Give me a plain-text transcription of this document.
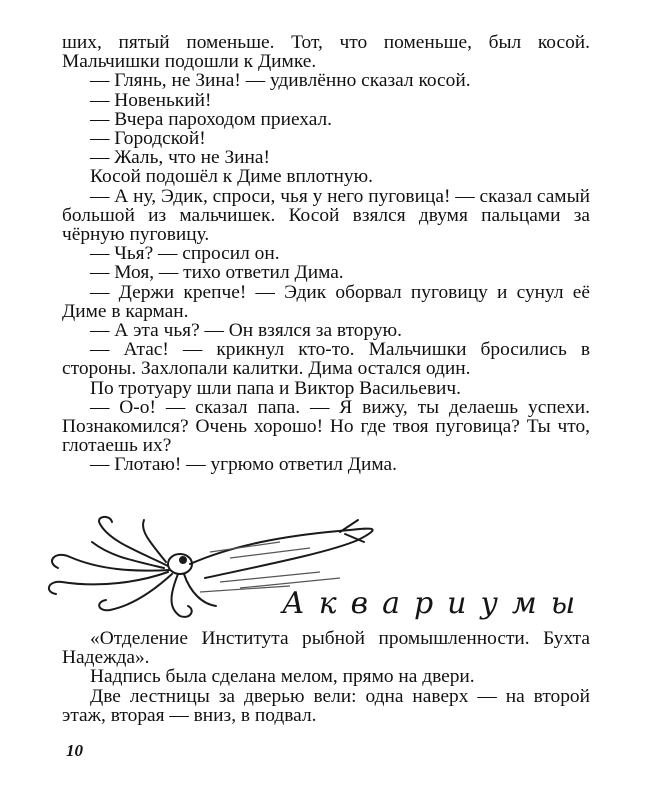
ших, пятый поменьше. Тот, что поменьше, был косой. Мальчишки подошли к Димке.

— Глянь, не Зина! — удивлённо сказал косой.

— Новенький!

— Вчера пароходом приехал.

— Городской!

— Жаль, что не Зина!

Косой подошёл к Диме вплотную.

— А ну, Эдик, спроси, чья у него пуговица! — сказал самый большой из мальчишек. Косой взялся двумя пальцами за чёрную пуговицу.

— Чья? — спросил он.

— Моя, — тихо ответил Дима.

— Держи крепче! — Эдик оборвал пуговицу и сунул её Диме в карман.

— А эта чья? — Он взялся за вторую.

— Атас! — крикнул кто-то. Мальчишки бросились в стороны. Захлопали калитки. Дима остался один.

По тротуару шли папа и Виктор Васильевич.

— О-о! — сказал папа. — Я вижу, ты делаешь успехи. Познакомился? Очень хорошо! Но где твоя пуговица? Ты что, глотаешь их?

— Глотаю! — угрюмо ответил Дима.

Аквариумы

«Отделение Института рыбной промышленности. Бухта Надежда».

Надпись была сделана мелом, прямо на двери.

Две лестницы за дверью вели: одна наверх — на второй этаж, вторая — вниз, в подвал.

10
